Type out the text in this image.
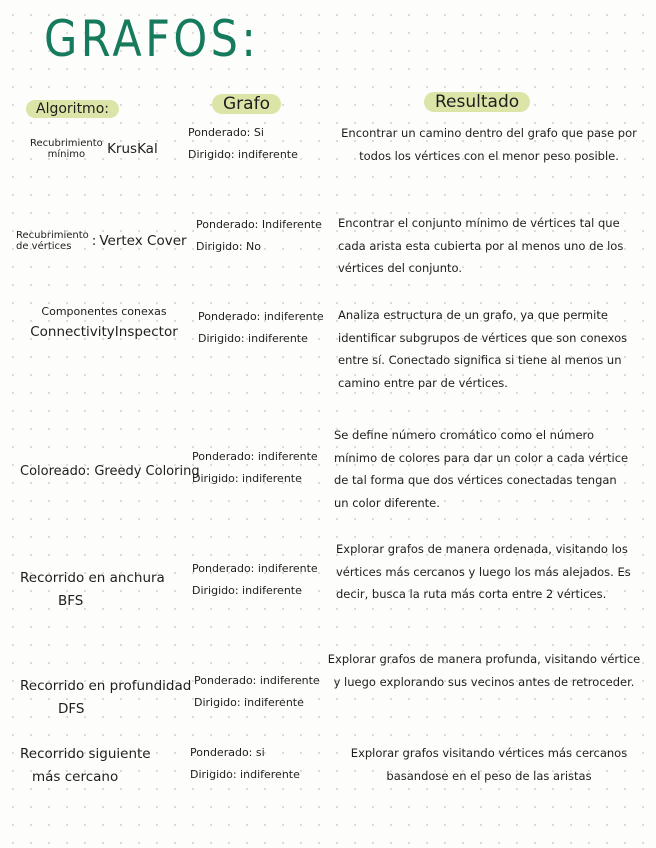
GRAFOS:
Algoritmo:	Grafo	Resultado
Recubrimiento
mínimo KrusKal
Ponderado: Si
Dirigido: indiferente
Encontrar un camino dentro del grafo que pase por todos los vértices con el menor peso posible.
Recubrimiento
de vértices : Vertex Cover
Ponderado: Indiferente
Dirigido: No
Encontrar el conjunto mínimo de vértices tal que cada arista esta cubierta por al menos uno de los vértices del conjunto.
Componentes conexas
ConnectivityInspector
Ponderado: indiferente
Dirigido: indiferente
Analiza estructura de un grafo, ya que permite identificar subgrupos de vértices que son conexos entre sí. Conectado significa si tiene al menos un camino entre par de vértices.
Coloreado: Greedy Coloring
Ponderado: indiferente
Dirigido: indiferente
Se define número cromático como el número mínimo de colores para dar un color a cada vértice de tal forma que dos vértices conectadas tengan un color diferente.
Recorrido en anchura
BFS
Ponderado: indiferente
Dirigido: indiferente
Explorar grafos de manera ordenada, visitando los vértices más cercanos y luego los más alejados. Es decir, busca la ruta más corta entre 2 vértices.
Recorrido en profundidad
DFS
Ponderado: indiferente
Dirigido: indiferente
Explorar grafos de manera profunda, visitando vértice y luego explorando sus vecinos antes de retroceder.
Recorrido siguiente
más cercano
Ponderado: si
Dirigido: indiferente
Explorar grafos visitando vértices más cercanos basandose en el peso de las aristas
